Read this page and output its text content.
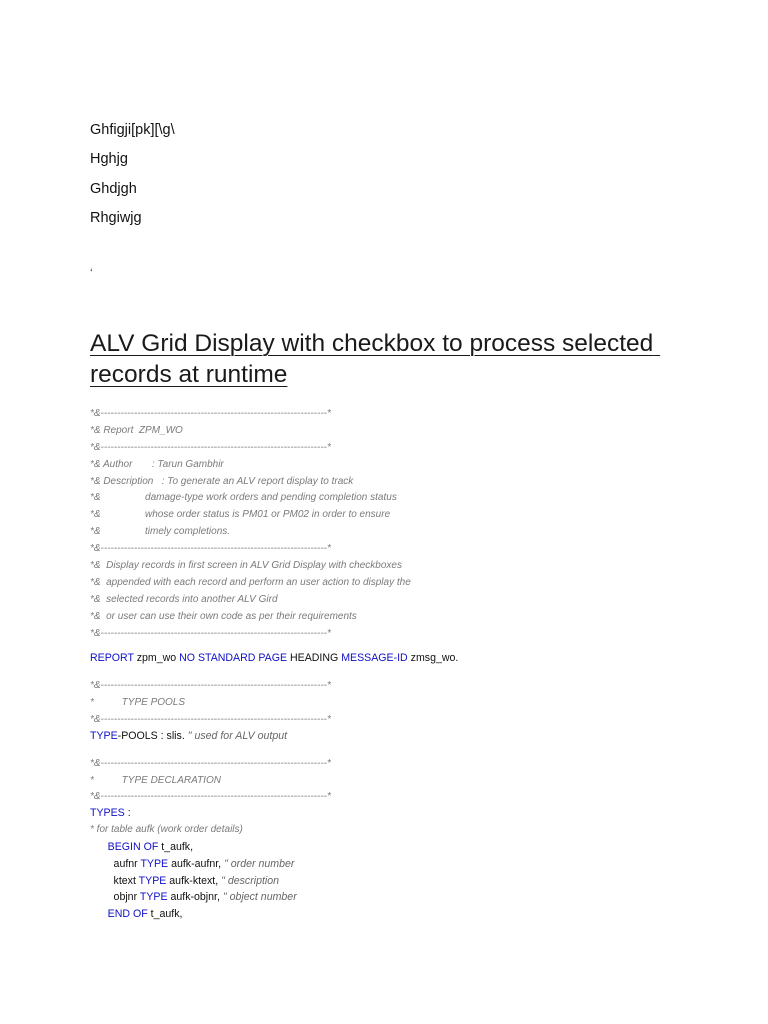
Ghfigji[pk][\g\
Hghjg
Ghdjgh
Rhgiwjg
‘
ALV Grid Display with checkbox to process selected records at runtime
*&--------------------------------------------------------------------*
*& Report  ZPM_WO
*&--------------------------------------------------------------------*
*& Author       : Tarun Gambhir
*& Description   : To generate an ALV report display to track
*&                damage-type work orders and pending completion status
*&                whose order status is PM01 or PM02 in order to ensure
*&                timely completions.
*&--------------------------------------------------------------------*
*&  Display records in first screen in ALV Grid Display with checkboxes
*&  appended with each record and perform an user action to display the
*&  selected records into another ALV Gird
*&  or user can use their own code as per their requirements
*&--------------------------------------------------------------------*
REPORT zpm_wo NO STANDARD PAGE HEADING MESSAGE-ID zmsg_wo.
*&--------------------------------------------------------------------*
*          TYPE POOLS
*&--------------------------------------------------------------------*
TYPE-POOLS : slis. " used for ALV output
*&--------------------------------------------------------------------*
*          TYPE DECLARATION
*&--------------------------------------------------------------------*
TYPES :
* for table aufk (work order details)
BEGIN OF t_aufk,
aufnr TYPE aufk-aufnr, " order number
ktext TYPE aufk-ktext, " description
objnr TYPE aufk-objnr, " object number
END OF t_aufk,
